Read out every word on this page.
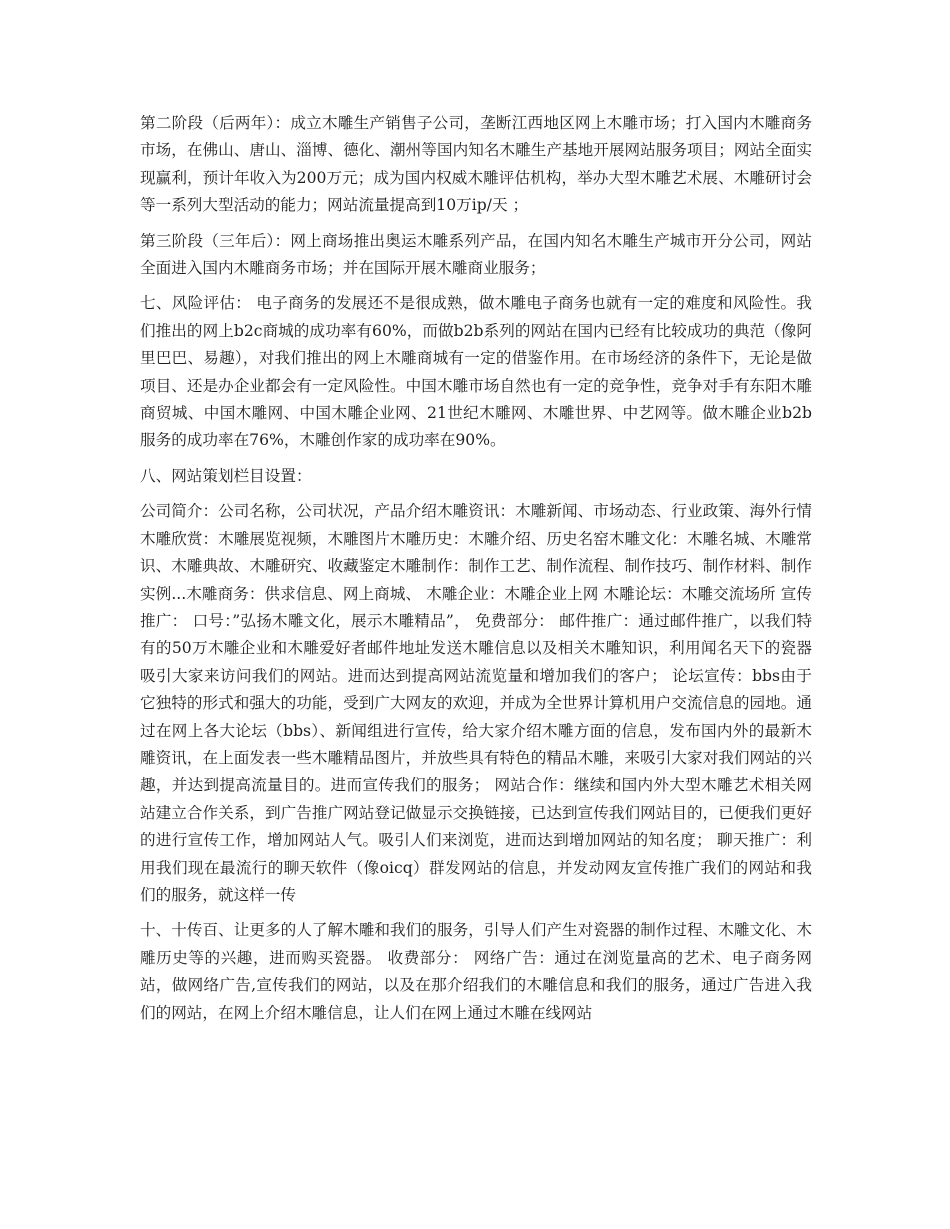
第二阶段（后两年）：成立木雕生产销售子公司，垄断江西地区网上木雕市场；打入国内木雕商务市场，在佛山、唐山、淄博、德化、潮州等国内知名木雕生产基地开展网站服务项目；网站全面实现赢利，预计年收入为200万元；成为国内权威木雕评估机构，举办大型木雕艺术展、木雕研讨会等一系列大型活动的能力；网站流量提高到10万ip/天 ；

第三阶段（三年后）：网上商场推出奥运木雕系列产品，在国内知名木雕生产城市开分公司，网站全面进入国内木雕商务市场；并在国际开展木雕商业服务；

七、风险评估： 电子商务的发展还不是很成熟，做木雕电子商务也就有一定的难度和风险性。我们推出的网上b2c商城的成功率有60%，而做b2b系列的网站在国内已经有比较成功的典范（像阿里巴巴、易趣），对我们推出的网上木雕商城有一定的借鉴作用。在市场经济的条件下，无论是做项目、还是办企业都会有一定风险性。中国木雕市场自然也有一定的竞争性，竞争对手有东阳木雕商贸城、中国木雕网、中国木雕企业网、21世纪木雕网、木雕世界、中艺网等。做木雕企业b2b服务的成功率在76%，木雕创作家的成功率在90%。

八、网站策划栏目设置：

公司简介：公司名称，公司状况，产品介绍木雕资讯：木雕新闻、市场动态、行业政策、海外行情 木雕欣赏：木雕展览视频，木雕图片木雕历史：木雕介绍、历史名窑木雕文化：木雕名城、木雕常识、木雕典故、木雕研究、收藏鉴定木雕制作：制作工艺、制作流程、制作技巧、制作材料、制作实例...木雕商务：供求信息、网上商城、 木雕企业：木雕企业上网 木雕论坛：木雕交流场所 宣传推广： 口号：”弘扬木雕文化，展示木雕精品”， 免费部分： 邮件推广：通过邮件推广，以我们特有的50万木雕企业和木雕爱好者邮件地址发送木雕信息以及相关木雕知识，利用闻名天下的瓷器吸引大家来访问我们的网站。进而达到提高网站流览量和增加我们的客户； 论坛宣传：bbs由于它独特的形式和强大的功能，受到广大网友的欢迎，并成为全世界计算机用户交流信息的园地。通过在网上各大论坛（bbs）、新闻组进行宣传，给大家介绍木雕方面的信息，发布国内外的最新木雕资讯，在上面发表一些木雕精品图片，并放些具有特色的精品木雕，来吸引大家对我们网站的兴趣，并达到提高流量目的。进而宣传我们的服务； 网站合作：继续和国内外大型木雕艺术相关网站建立合作关系，到广告推广网站登记做显示交换链接，已达到宣传我们网站目的，已便我们更好的进行宣传工作，增加网站人气。吸引人们来浏览，进而达到增加网站的知名度； 聊天推广：利用我们现在最流行的聊天软件（像oicq）群发网站的信息，并发动网友宣传推广我们的网站和我们的服务，就这样一传

十、十传百、让更多的人了解木雕和我们的服务，引导人们产生对瓷器的制作过程、木雕文化、木雕历史等的兴趣，进而购买瓷器。 收费部分： 网络广告：通过在浏览量高的艺术、电子商务网站，做网络广告,宣传我们的网站，以及在那介绍我们的木雕信息和我们的服务，通过广告进入我们的网站，在网上介绍木雕信息，让人们在网上通过木雕在线网站
